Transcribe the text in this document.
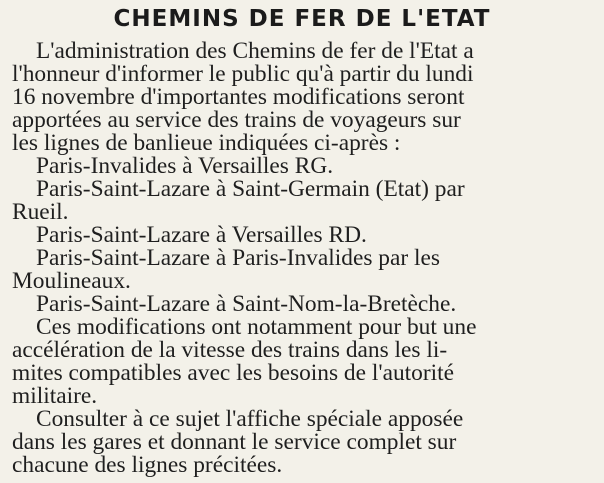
CHEMINS DE FER DE L'ETAT
L'administration des Chemins de fer de l'Etat a
l'honneur d'informer le public qu'à partir du lundi
16 novembre d'importantes modifications seront
apportées au service des trains de voyageurs sur
les lignes de banlieue indiquées ci-après :
Paris-Invalides à Versailles RG.
Paris-Saint-Lazare à Saint-Germain (Etat) par
Rueil.
Paris-Saint-Lazare à Versailles RD.
Paris-Saint-Lazare à Paris-Invalides par les
Moulineaux.
Paris-Saint-Lazare à Saint-Nom-la-Bretèche.
Ces modifications ont notamment pour but une
accélération de la vitesse des trains dans les li-
mites compatibles avec les besoins de l'autorité
militaire.
Consulter à ce sujet l'affiche spéciale apposée
dans les gares et donnant le service complet sur
chacune des lignes précitées.
